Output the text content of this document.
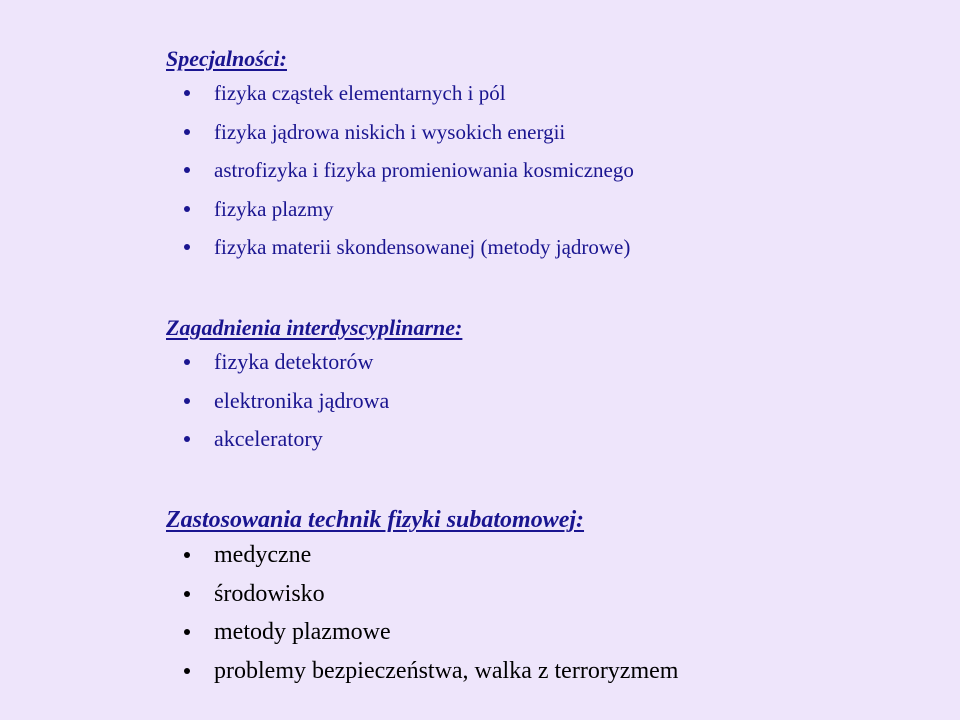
Specjalności:
fizyka cząstek elementarnych i pól
fizyka jądrowa niskich i wysokich energii
astrofizyka i fizyka promieniowania kosmicznego
fizyka plazmy
fizyka materii skondensowanej (metody jądrowe)
Zagadnienia interdyscyplinarne:
fizyka detektorów
elektronika jądrowa
akceleratory
Zastosowania technik fizyki subatomowej:
medyczne
środowisko
metody plazmowe
problemy bezpieczeństwa, walka z terroryzmem
